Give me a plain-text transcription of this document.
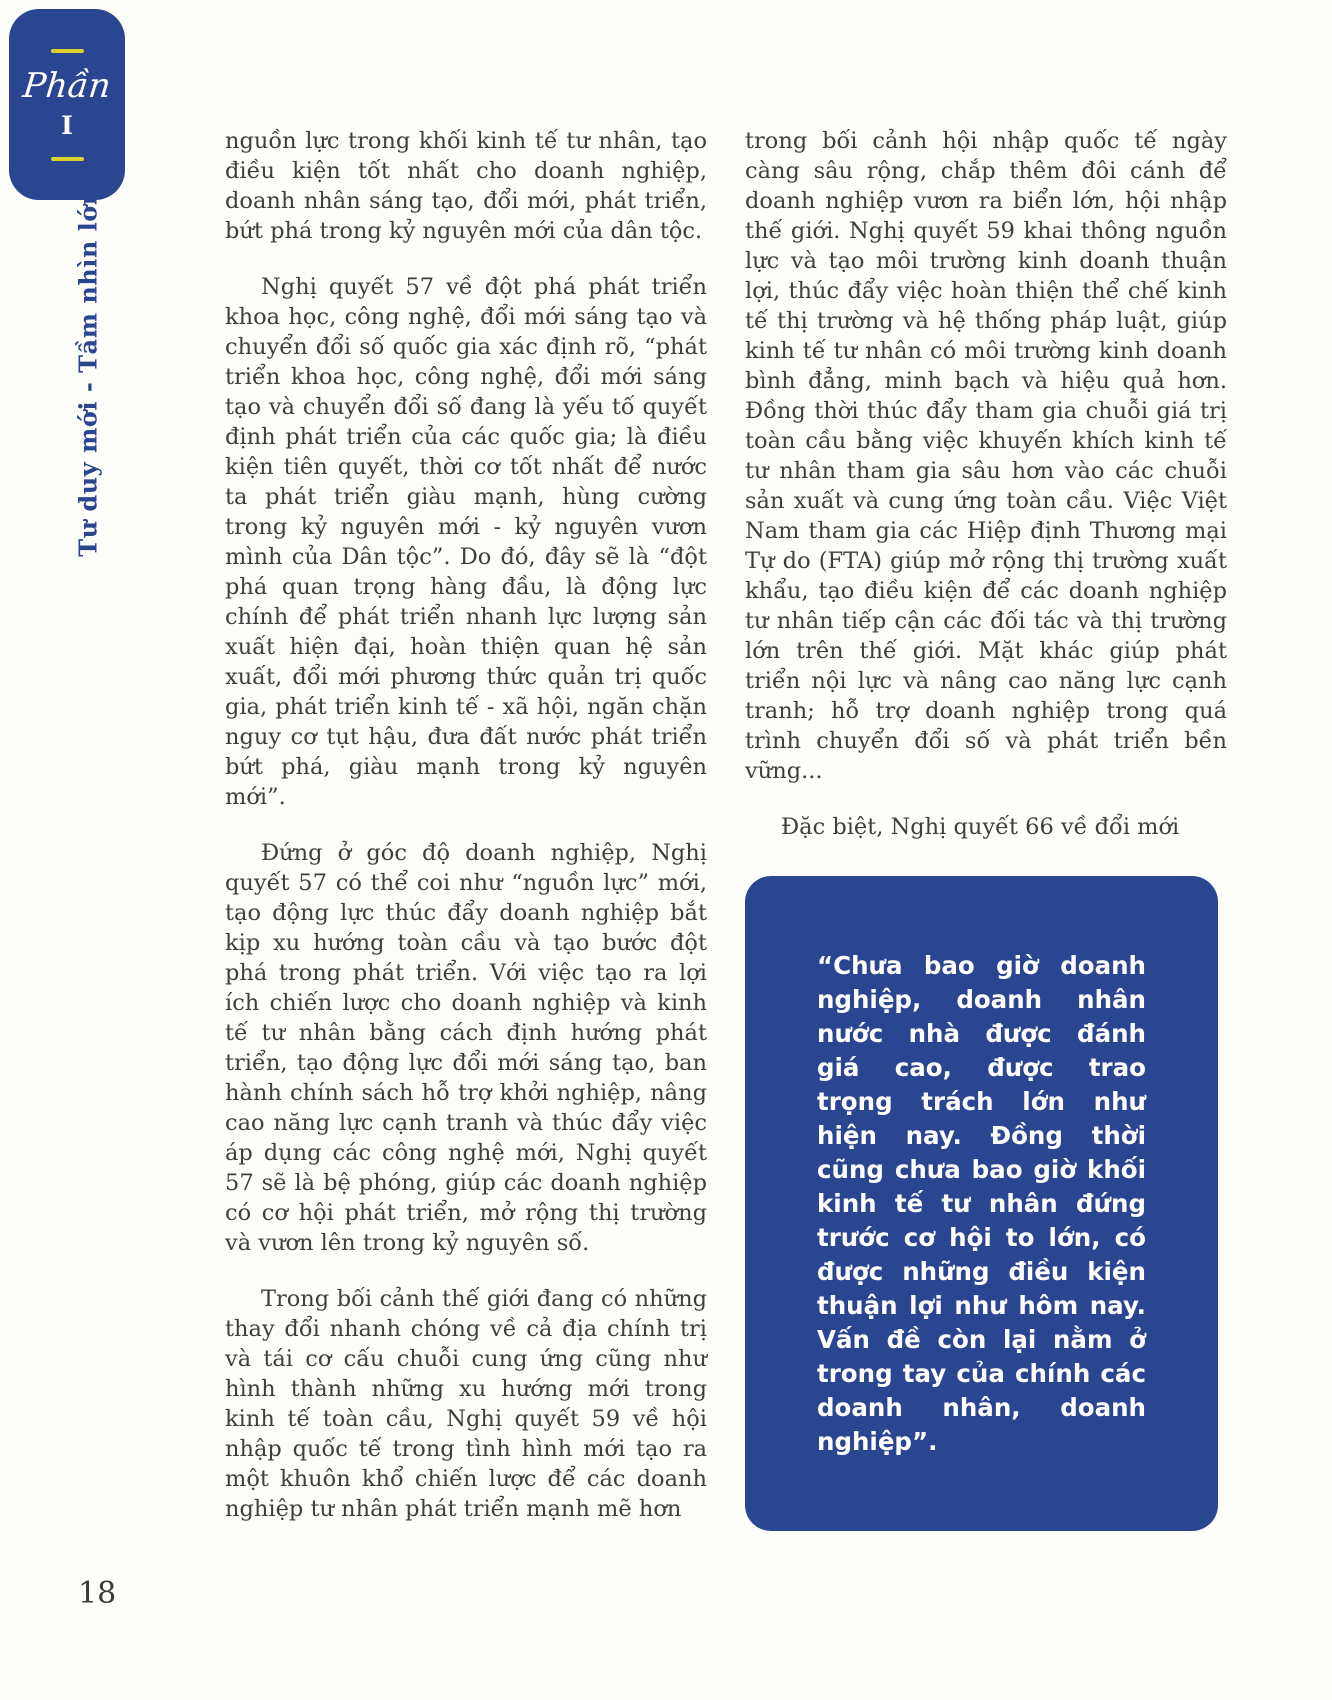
Phần
I
Tư duy mới - Tầm nhìn lớn

nguồn lực trong khối kinh tế tư nhân, tạo điều kiện tốt nhất cho doanh nghiệp, doanh nhân sáng tạo, đổi mới, phát triển, bứt phá trong kỷ nguyên mới của dân tộc.

Nghị quyết 57 về đột phá phát triển khoa học, công nghệ, đổi mới sáng tạo và chuyển đổi số quốc gia xác định rõ, “phát triển khoa học, công nghệ, đổi mới sáng tạo và chuyển đổi số đang là yếu tố quyết định phát triển của các quốc gia; là điều kiện tiên quyết, thời cơ tốt nhất để nước ta phát triển giàu mạnh, hùng cường trong kỷ nguyên mới - kỷ nguyên vươn mình của Dân tộc”. Do đó, đây sẽ là “đột phá quan trọng hàng đầu, là động lực chính để phát triển nhanh lực lượng sản xuất hiện đại, hoàn thiện quan hệ sản xuất, đổi mới phương thức quản trị quốc gia, phát triển kinh tế - xã hội, ngăn chặn nguy cơ tụt hậu, đưa đất nước phát triển bứt phá, giàu mạnh trong kỷ nguyên mới”.

Đứng ở góc độ doanh nghiệp, Nghị quyết 57 có thể coi như “nguồn lực” mới, tạo động lực thúc đẩy doanh nghiệp bắt kịp xu hướng toàn cầu và tạo bước đột phá trong phát triển. Với việc tạo ra lợi ích chiến lược cho doanh nghiệp và kinh tế tư nhân bằng cách định hướng phát triển, tạo động lực đổi mới sáng tạo, ban hành chính sách hỗ trợ khởi nghiệp, nâng cao năng lực cạnh tranh và thúc đẩy việc áp dụng các công nghệ mới, Nghị quyết 57 sẽ là bệ phóng, giúp các doanh nghiệp có cơ hội phát triển, mở rộng thị trường và vươn lên trong kỷ nguyên số.

Trong bối cảnh thế giới đang có những thay đổi nhanh chóng về cả địa chính trị và tái cơ cấu chuỗi cung ứng cũng như hình thành những xu hướng mới trong kinh tế toàn cầu, Nghị quyết 59 về hội nhập quốc tế trong tình hình mới tạo ra một khuôn khổ chiến lược để các doanh nghiệp tư nhân phát triển mạnh mẽ hơn

trong bối cảnh hội nhập quốc tế ngày càng sâu rộng, chắp thêm đôi cánh để doanh nghiệp vươn ra biển lớn, hội nhập thế giới. Nghị quyết 59 khai thông nguồn lực và tạo môi trường kinh doanh thuận lợi, thúc đẩy việc hoàn thiện thể chế kinh tế thị trường và hệ thống pháp luật, giúp kinh tế tư nhân có môi trường kinh doanh bình đẳng, minh bạch và hiệu quả hơn. Đồng thời thúc đẩy tham gia chuỗi giá trị toàn cầu bằng việc khuyến khích kinh tế tư nhân tham gia sâu hơn vào các chuỗi sản xuất và cung ứng toàn cầu. Việc Việt Nam tham gia các Hiệp định Thương mại Tự do (FTA) giúp mở rộng thị trường xuất khẩu, tạo điều kiện để các doanh nghiệp tư nhân tiếp cận các đối tác và thị trường lớn trên thế giới. Mặt khác giúp phát triển nội lực và nâng cao năng lực cạnh tranh; hỗ trợ doanh nghiệp trong quá trình chuyển đổi số và phát triển bền vững...

Đặc biệt, Nghị quyết 66 về đổi mới

“Chưa bao giờ doanh nghiệp, doanh nhân nước nhà được đánh giá cao, được trao trọng trách lớn như hiện nay. Đồng thời cũng chưa bao giờ khối kinh tế tư nhân đứng trước cơ hội to lớn, có được những điều kiện thuận lợi như hôm nay. Vấn đề còn lại nằm ở trong tay của chính các doanh nhân, doanh nghiệp”.

18
